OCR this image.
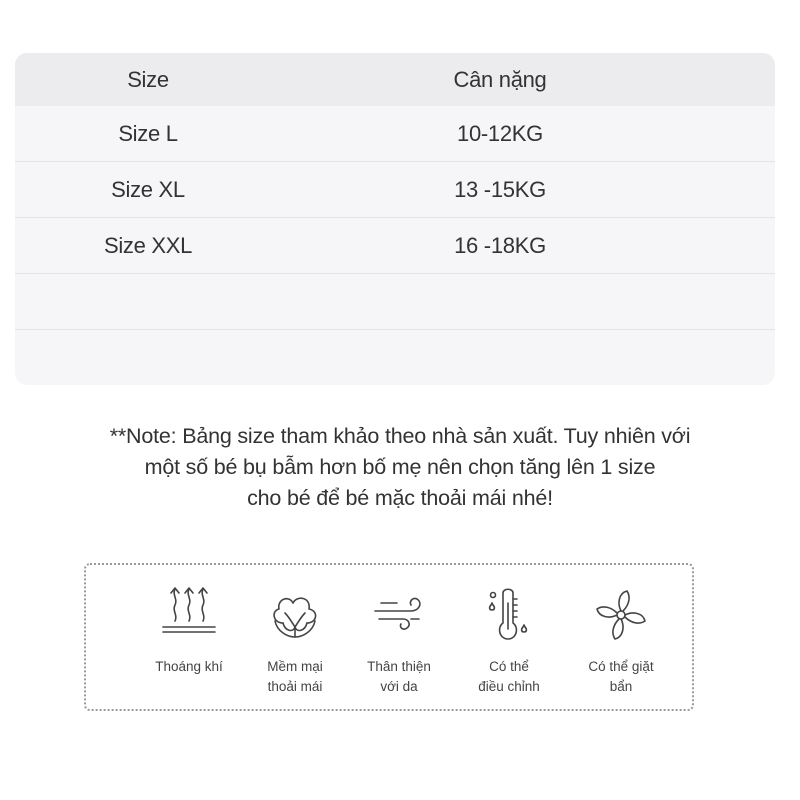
Size	Cân nặng
Size L	10-12KG
Size XL	13 -15KG
Size XXL	16 -18KG
**Note: Bảng size tham khảo theo nhà sản xuất. Tuy nhiên với
một số bé bụ bẫm hơn bố mẹ nên chọn tăng lên 1 size
cho bé để bé mặc thoải mái nhé!
Thoáng khí	Mềm mại
thoải mái
Thân thiện
với da
Có thể
điều chỉnh
Có thể giặt
bẩn
